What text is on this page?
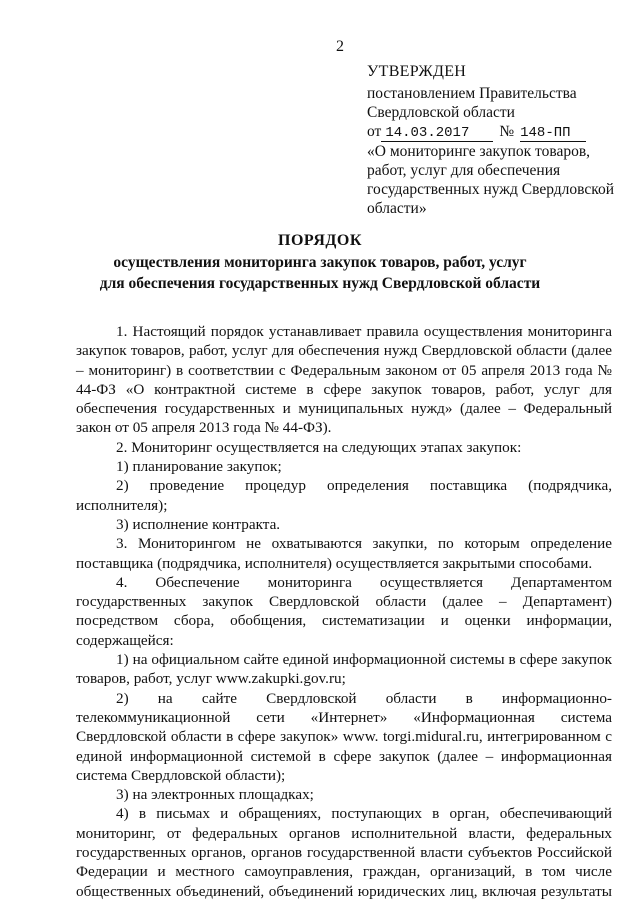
2
УТВЕРЖДЕН
постановлением Правительства
Свердловской области
от 14.03.2017	№ 148-ПП
«О мониторинге закупок товаров, работ, услуг для обеспечения государственных нужд Свердловской области»
ПОРЯДОК
осуществления мониторинга закупок товаров, работ, услуг
для обеспечения государственных нужд Свердловской области

1. Настоящий порядок устанавливает правила осуществления мониторинга закупок товаров, работ, услуг для обеспечения нужд Свердловской области (далее – мониторинг) в соответствии с Федеральным законом от 05 апреля 2013 года № 44-ФЗ «О контрактной системе в сфере закупок товаров, работ, услуг для обеспечения государственных и муниципальных нужд» (далее – Федеральный закон от 05 апреля 2013 года № 44-ФЗ).

2. Мониторинг осуществляется на следующих этапах закупок:

1) планирование закупок;

2) проведение процедур определения поставщика (подрядчика, исполнителя);

3) исполнение контракта.

3. Мониторингом не охватываются закупки, по которым определение поставщика (подрядчика, исполнителя) осуществляется закрытыми способами.

4. Обеспечение мониторинга осуществляется Департаментом государственных закупок Свердловской области (далее – Департамент) посредством сбора, обобщения, систематизации и оценки информации, содержащейся:

1) на официальном сайте единой информационной системы в сфере закупок товаров, работ, услуг www.zakupki.gov.ru;

2) на сайте Свердловской области в информационно-телекоммуникационной сети «Интернет» «Информационная система Свердловской области в сфере закупок» www. torgi.midural.ru, интегрированном с единой информационной системой в сфере закупок (далее – информационная система Свердловской области);

3) на электронных площадках;

4) в письмах и обращениях, поступающих в орган, обеспечивающий мониторинг, от федеральных органов исполнительной власти, федеральных государственных органов, органов государственной власти субъектов Российской Федерации и местного самоуправления, граждан, организаций, в том числе общественных объединений, объединений юридических лиц, включая результаты
